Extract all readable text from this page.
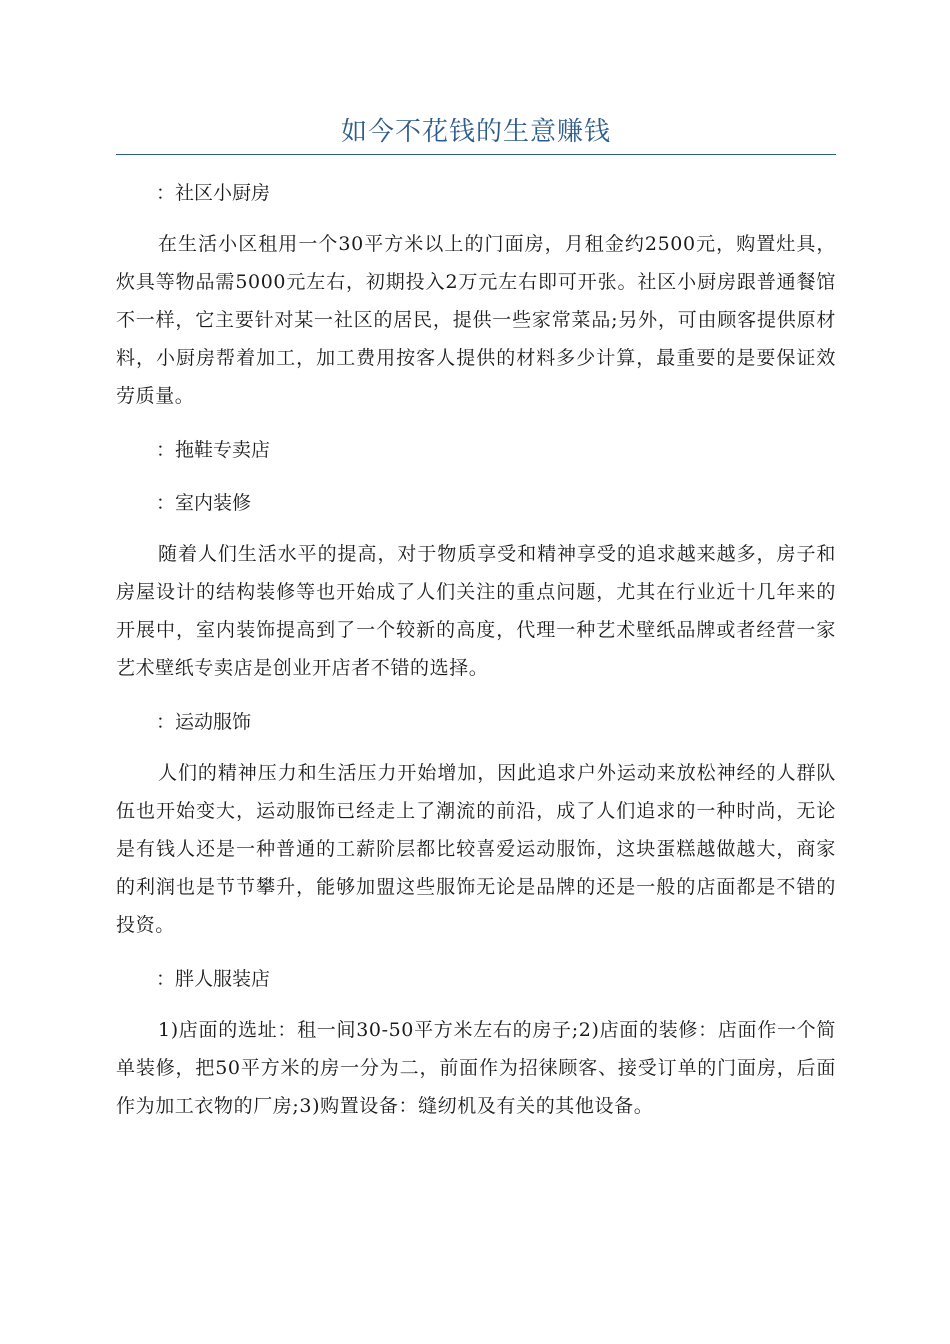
如今不花钱的生意赚钱
：社区小厨房

在生活小区租用一个30平方米以上的门面房，月租金约2500元，购置灶具，炊具等物品需5000元左右，初期投入2万元左右即可开张。社区小厨房跟普通餐馆不一样，它主要针对某一社区的居民，提供一些家常菜品;另外，可由顾客提供原材料，小厨房帮着加工，加工费用按客人提供的材料多少计算，最重要的是要保证效劳质量。

：拖鞋专卖店
：室内装修

随着人们生活水平的提高，对于物质享受和精神享受的追求越来越多，房子和房屋设计的结构装修等也开始成了人们关注的重点问题，尤其在行业近十几年来的开展中，室内装饰提高到了一个较新的高度，代理一种艺术壁纸品牌或者经营一家艺术壁纸专卖店是创业开店者不错的选择。

：运动服饰

人们的精神压力和生活压力开始增加，因此追求户外运动来放松神经的人群队伍也开始变大，运动服饰已经走上了潮流的前沿，成了人们追求的一种时尚，无论是有钱人还是一种普通的工薪阶层都比较喜爱运动服饰，这块蛋糕越做越大，商家的利润也是节节攀升，能够加盟这些服饰无论是品牌的还是一般的店面都是不错的投资。

：胖人服装店

1)店面的选址：租一间30-50平方米左右的房子;2)店面的装修：店面作一个简单装修，把50平方米的房一分为二，前面作为招徕顾客、接受订单的门面房，后面作为加工衣物的厂房;3)购置设备：缝纫机及有关的其他设备。
